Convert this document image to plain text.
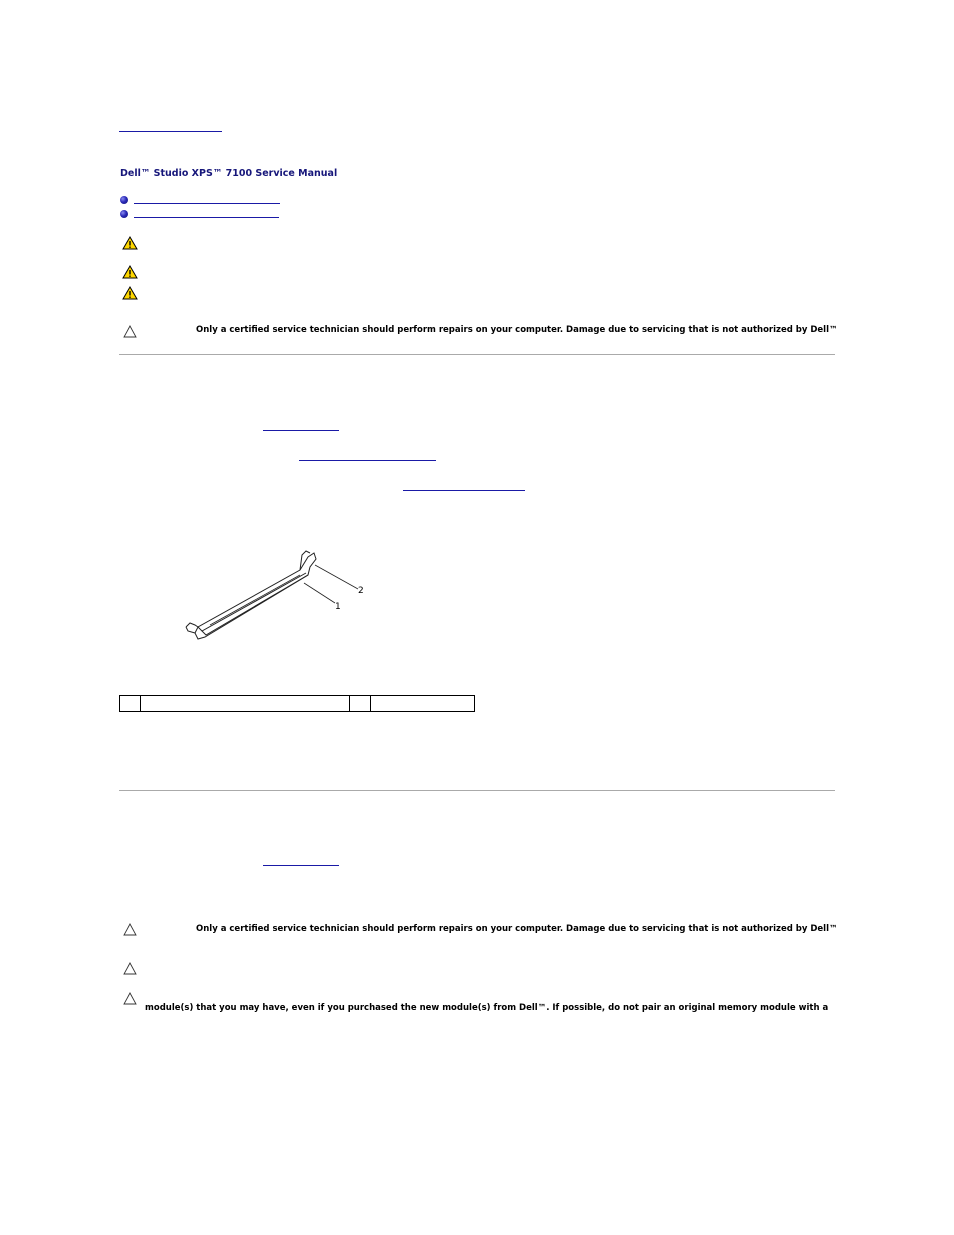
Dell™ Studio XPS™ 7100 Service Manual
Only a certified service technician should perform repairs on your computer. Damage due to servicing that is not authorized by Dell™
1
2

Only a certified service technician should perform repairs on your computer. Damage due to servicing that is not authorized by Dell™
module(s) that you may have, even if you purchased the new module(s) from Dell™. If possible, do not pair an original memory module with a
